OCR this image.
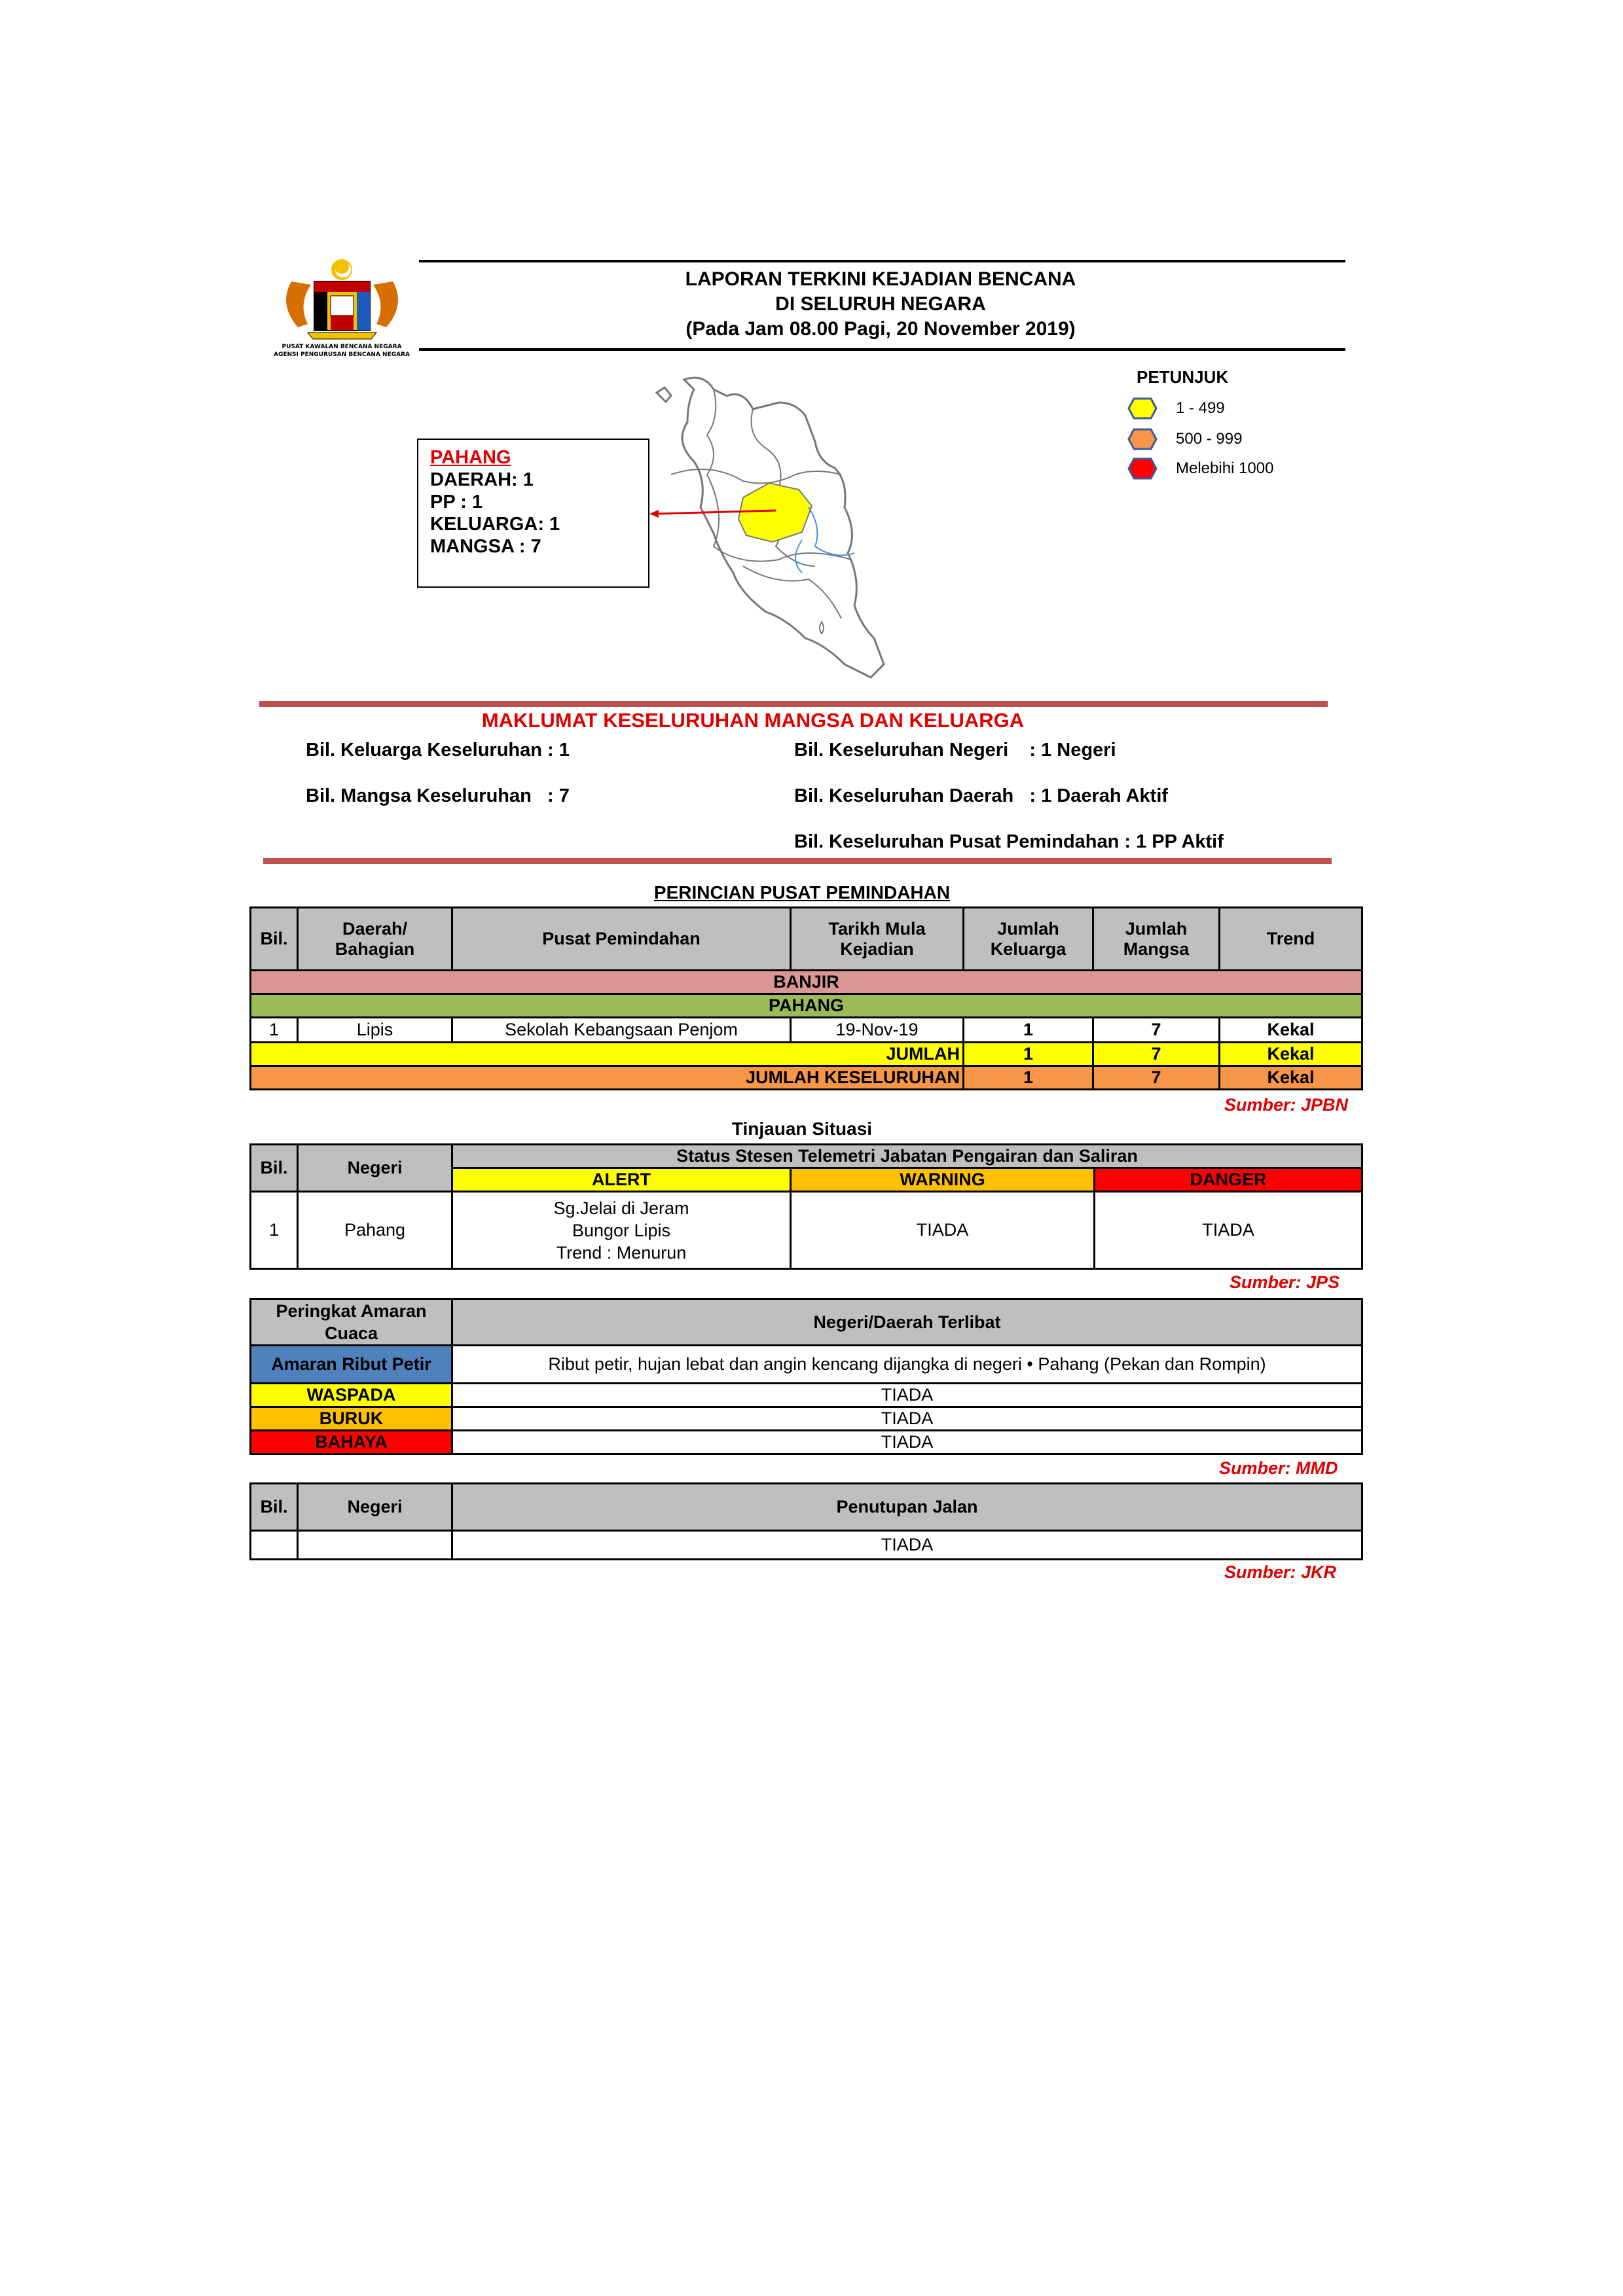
PUSAT KAWALAN BENCANA NEGARA
AGENSI PENGURUSAN BENCANA NEGARA
LAPORAN TERKINI KEJADIAN BENCANA
DI SELURUH NEGARA
(Pada Jam 08.00 Pagi, 20 November 2019)
PAHANG
DAERAH: 1
PP : 1
KELUARGA: 1
MANGSA : 7
PETUNJUK
1 - 499
500 - 999
Melebihi 1000
MAKLUMAT KESELURUHAN MANGSA DAN KELUARGA
Bil. Keluarga Keseluruhan : 1
Bil. Mangsa Keseluruhan   : 7
Bil. Keseluruhan Negeri    : 1 Negeri
Bil. Keseluruhan Daerah   : 1 Daerah Aktif
Bil. Keseluruhan Pusat Pemindahan : 1 PP Aktif
PERINCIAN PUSAT PEMINDAHAN
Bil.	Daerah/ Bahagian	Pusat Pemindahan	Tarikh Mula Kejadian	Jumlah Keluarga	Jumlah Mangsa	Trend
BANJIR						
PAHANG						
1	Lipis	Sekolah Kebangsaan Penjom	19-Nov-19	1	7	Kekal
JUMLAH				1	7	Kekal
JUMLAH KESELURUHAN				1	7	Kekal
Sumber: JPBN
Tinjauan Situasi
Bil.	Negeri	Status Stesen Telemetri Jabatan Pengairan dan Saliran		
		ALERT	WARNING	DANGER
1	Pahang	Sg.Jelai di Jeram
Bungor Lipis
Trend : Menurun	TIADA	TIADA
Sumber: JPS
Peringkat Amaran Cuaca	Negeri/Daerah Terlibat
Amaran Ribut Petir	Ribut petir, hujan lebat dan angin kencang dijangka di negeri • Pahang (Pekan dan Rompin)
WASPADA	TIADA
BURUK	TIADA
BAHAYA	TIADA
Sumber: MMD
Bil.	Negeri	Penutupan Jalan
		TIADA
Sumber: JKR
